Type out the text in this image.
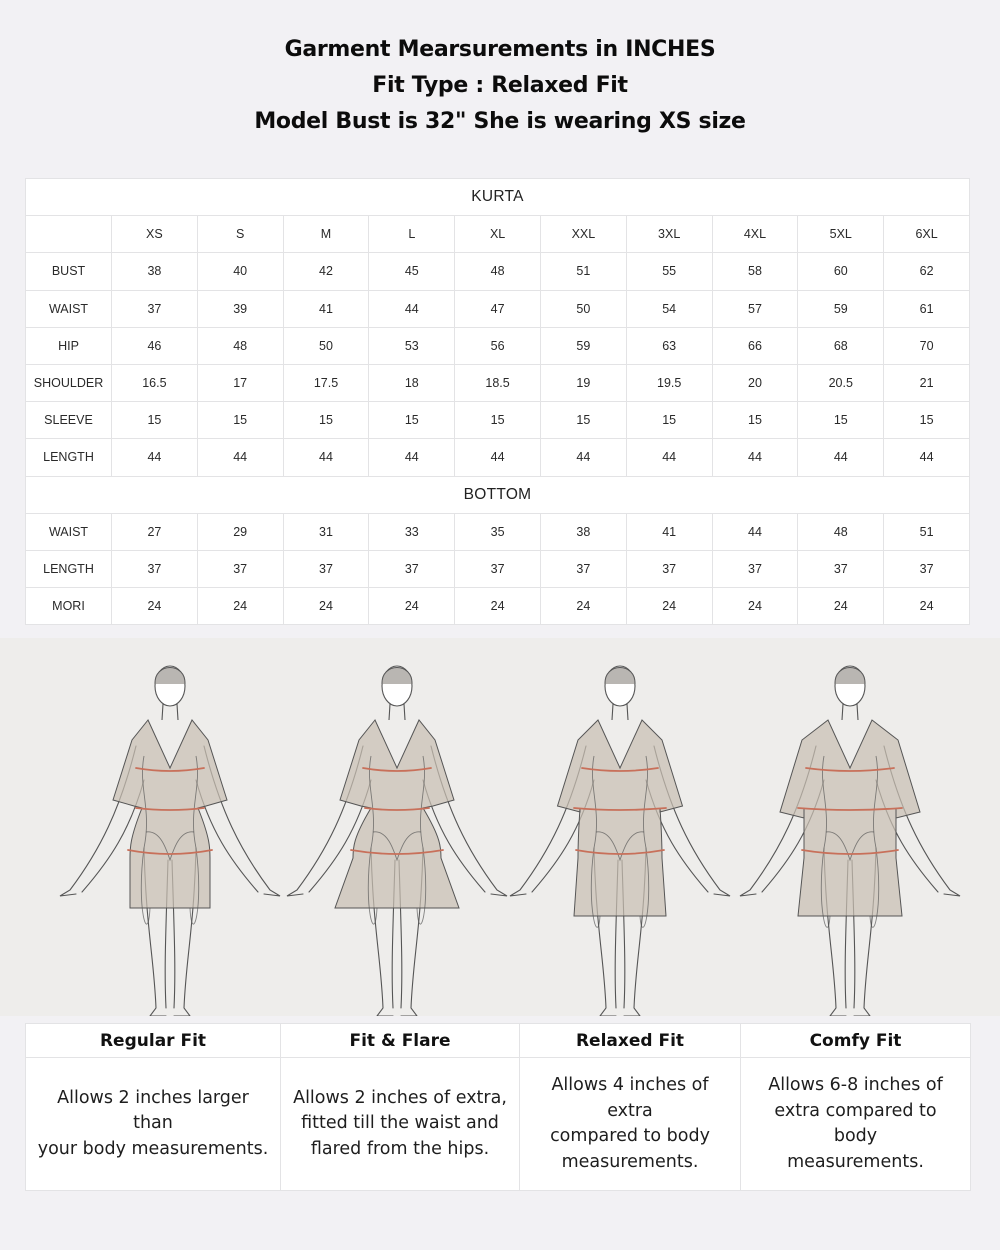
Garment Mearsurements in INCHES
Fit Type : Relaxed Fit
Model Bust is 32" She is wearing XS size
KURTA										
	XS	S	M	L	XL	XXL	3XL	4XL	5XL	6XL
BUST	38	40	42	45	48	51	55	58	60	62
WAIST	37	39	41	44	47	50	54	57	59	61
HIP	46	48	50	53	56	59	63	66	68	70
SHOULDER	16.5	17	17.5	18	18.5	19	19.5	20	20.5	21
SLEEVE	15	15	15	15	15	15	15	15	15	15
LENGTH	44	44	44	44	44	44	44	44	44	44
BOTTOM										
WAIST	27	29	31	33	35	38	41	44	48	51
LENGTH	37	37	37	37	37	37	37	37	37	37
MORI	24	24	24	24	24	24	24	24	24	24
Regular Fit	Fit & Flare	Relaxed Fit	Comfy Fit

Allows 2 inches larger than
your body measurements.	Allows 2 inches of extra,
fitted till the waist and
flared from the hips.	Allows 4 inches of extra
compared to body
measurements.	Allows 6-8 inches of
extra compared to body
measurements.
